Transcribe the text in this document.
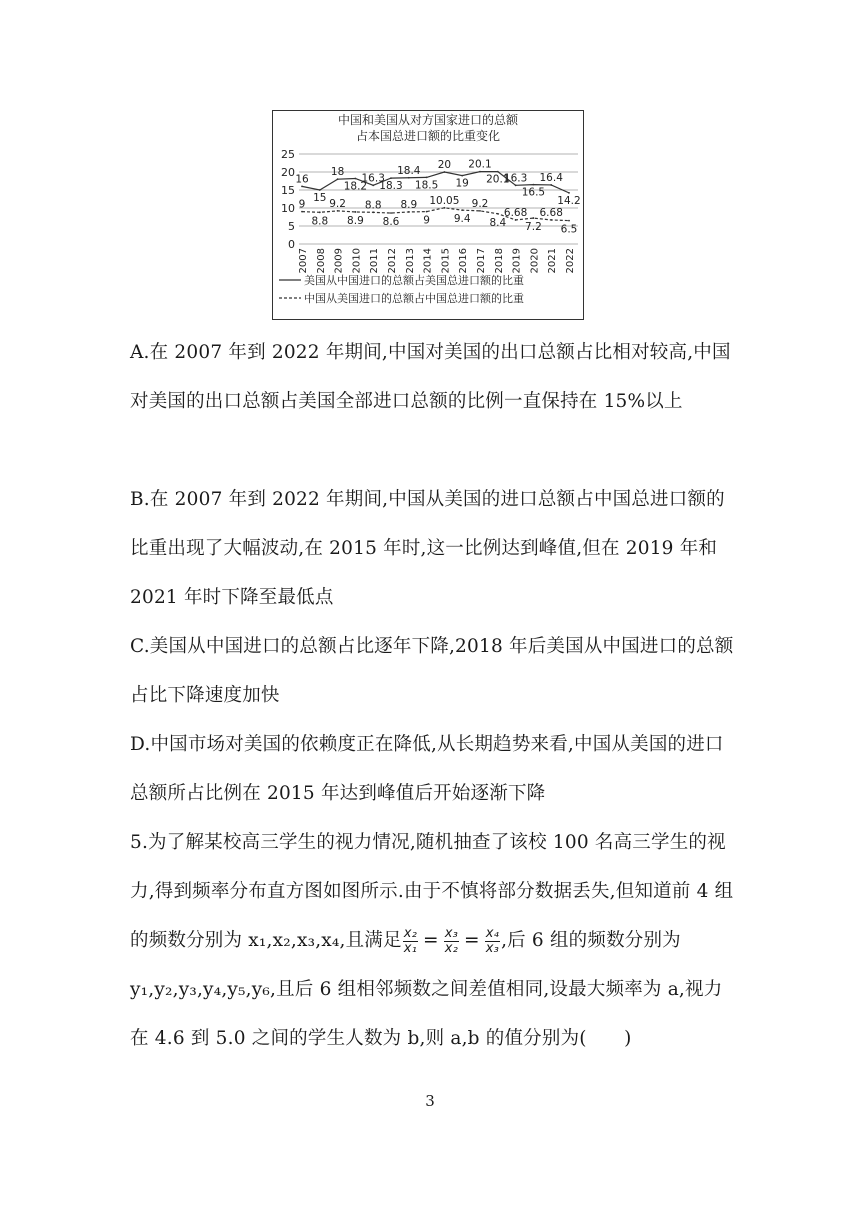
中国和美国从对方国家进口的总额
占本国总进口额的比重变化
25
20
15
10
5
0
2007 2008 2009 2010 2011 2012 2013 2014 2015 2016 2017 2018 2019 2020 2021 2022
16
15
18
18.2
16.3
18.3
18.4
18.5
20
19
20.1
20.1
16.3
16.5
16.4
14.2
9
8.8
9.2
8.9
8.8
8.6
8.9
9
10.05
9.4
9.2
8.4
6.68
7.2
6.68
6.5
美国从中国进口的总额占美国总进口额的比重
中国从美国进口的总额占中国总进口额的比重
A.在 2007 年到 2022 年期间,中国对美国的出口总额占比相对较高,中国对美国的出口总额占美国全部进口总额的比例一直保持在 15%以上
B.在 2007 年到 2022 年期间,中国从美国的进口总额占中国总进口额的比重出现了大幅波动,在 2015 年时,这一比例达到峰值,但在 2019 年和 2021 年时下降至最低点
C.美国从中国进口的总额占比逐年下降,2018 年后美国从中国进口的总额占比下降速度加快
D.中国市场对美国的依赖度正在降低,从长期趋势来看,中国从美国的进口总额所占比例在 2015 年达到峰值后开始逐渐下降
5.为了解某校高三学生的视力情况,随机抽查了该校 100 名高三学生的视力,得到频率分布直方图如图所示.由于不慎将部分数据丢失,但知道前 4 组的频数分别为 x₁,x₂,x₃,x₄,且满足 $\frac{\text{x₂}}{\text{x₁}} = \frac{\text{x₃}}{\text{x₂}} = \frac{\text{x₄}}{\text{x₃}}$ ,后 6 组的频数分别为 y₁,y₂,y₃,y₄,y₅,y₆,且后 6 组相邻频数之间差值相同,设最大频率为 a,视力在 4.6 到 5.0 之间的学生人数为 b,则 a,b 的值分别为(　　)
3
